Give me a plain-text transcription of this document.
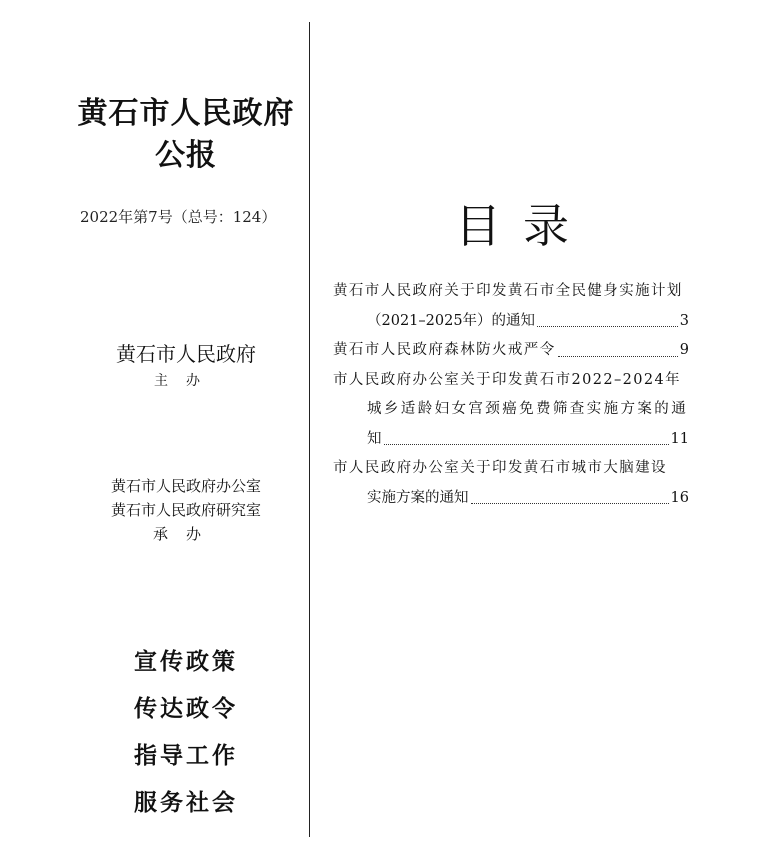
黄石市人民政府
公报
2022年第7号（总号：124）
黄石市人民政府
主办
黄石市人民政府办公室
黄石市人民政府研究室
承办
宣传政策
传达政令
指导工作
服务社会
目录
黄石市人民政府关于印发黄石市全民健身实施计划
（2021–2025年）的通知	3
黄石市人民政府森林防火戒严令	9
市人民政府办公室关于印发黄石市2022–2024年
城乡适龄妇女宫颈癌免费筛查实施方案的通
知	11
市人民政府办公室关于印发黄石市城市大脑建设
实施方案的通知	16
